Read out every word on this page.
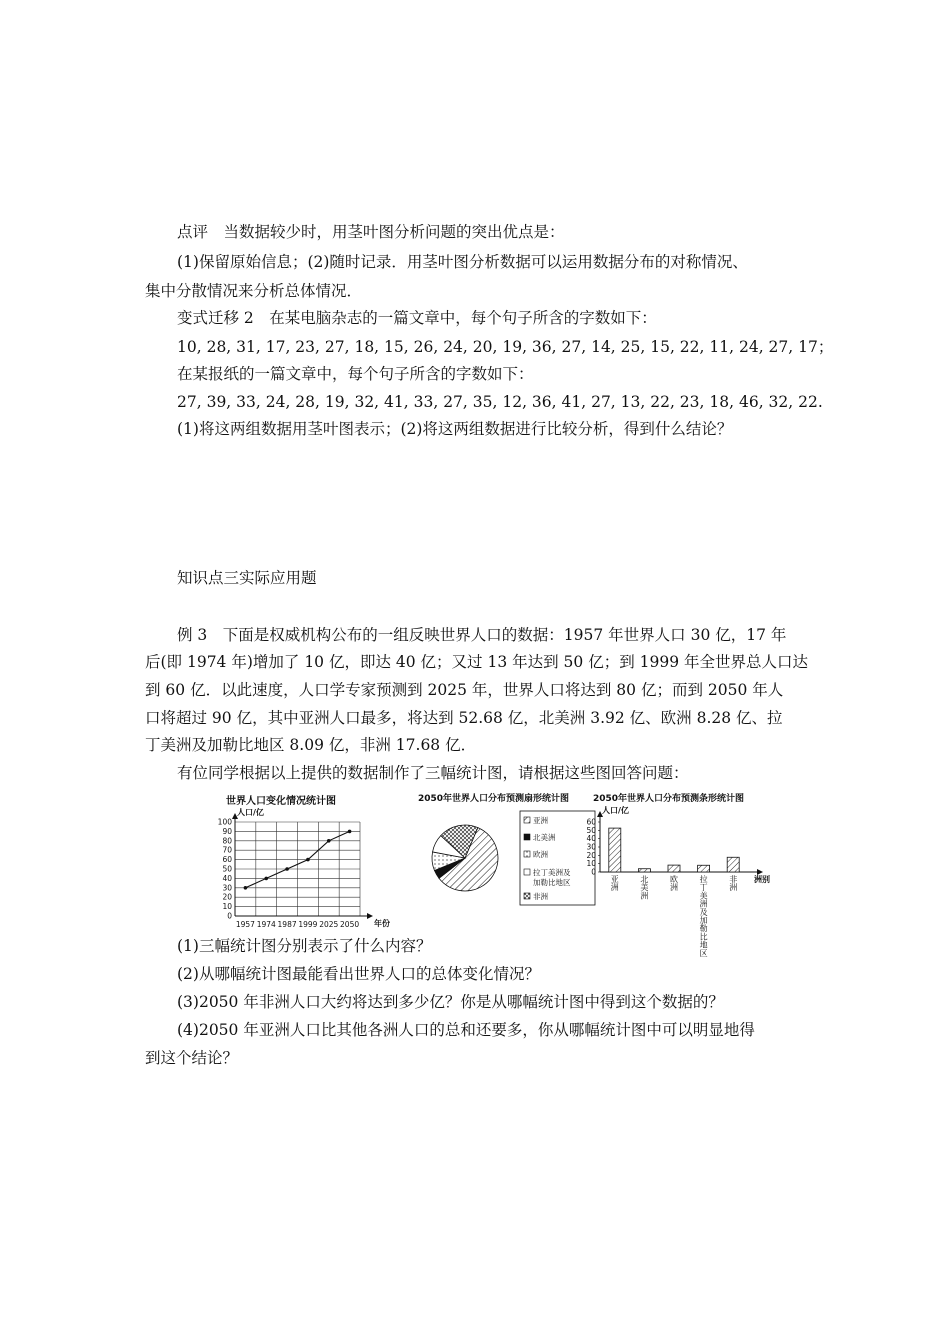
点评　当数据较少时，用茎叶图分析问题的突出优点是：
(1)保留原始信息；(2)随时记录．用茎叶图分析数据可以运用数据分布的对称情况、
集中分散情况来分析总体情况．
变式迁移 2　在某电脑杂志的一篇文章中，每个句子所含的字数如下：
10, 28, 31, 17, 23, 27, 18, 15, 26, 24, 20, 19, 36, 27, 14, 25, 15, 22, 11, 24, 27, 17；
在某报纸的一篇文章中，每个句子所含的字数如下：
27, 39, 33, 24, 28, 19, 32, 41, 33, 27, 35, 12, 36, 41, 27, 13, 22, 23, 18, 46, 32, 22.
(1)将这两组数据用茎叶图表示；(2)将这两组数据进行比较分析，得到什么结论？
知识点三实际应用题
例 3　下面是权威机构公布的一组反映世界人口的数据：1957 年世界人口 30 亿，17 年
后(即 1974 年)增加了 10 亿，即达 40 亿；又过 13 年达到 50 亿；到 1999 年全世界总人口达
到 60 亿．以此速度，人口学专家预测到 2025 年，世界人口将达到 80 亿；而到 2050 年人
口将超过 90 亿，其中亚洲人口最多，将达到 52.68 亿，北美洲 3.92 亿、欧洲 8.28 亿、拉
丁美洲及加勒比地区 8.09 亿，非洲 17.68 亿．
有位同学根据以上提供的数据制作了三幅统计图，请根据这些图回答问题：
世界人口变化情况统计图
0
10
20
30
40
50
60
70
80
90
100
人口/亿
年份
1957 1974 1987 1999 2025 2050
2050年世界人口分布预测扇形统计图
亚洲
北美洲
欧洲
拉丁美洲及
加勒比地区
非洲
2050年世界人口分布预测条形统计图
人口/亿
洲别
0
10
20
30
40
50
60
亚洲
北美洲
欧洲
拉丁美洲及加勒比地区
非洲
(1)三幅统计图分别表示了什么内容？
(2)从哪幅统计图最能看出世界人口的总体变化情况？
(3)2050 年非洲人口大约将达到多少亿？你是从哪幅统计图中得到这个数据的？
(4)2050 年亚洲人口比其他各洲人口的总和还要多，你从哪幅统计图中可以明显地得
到这个结论？
